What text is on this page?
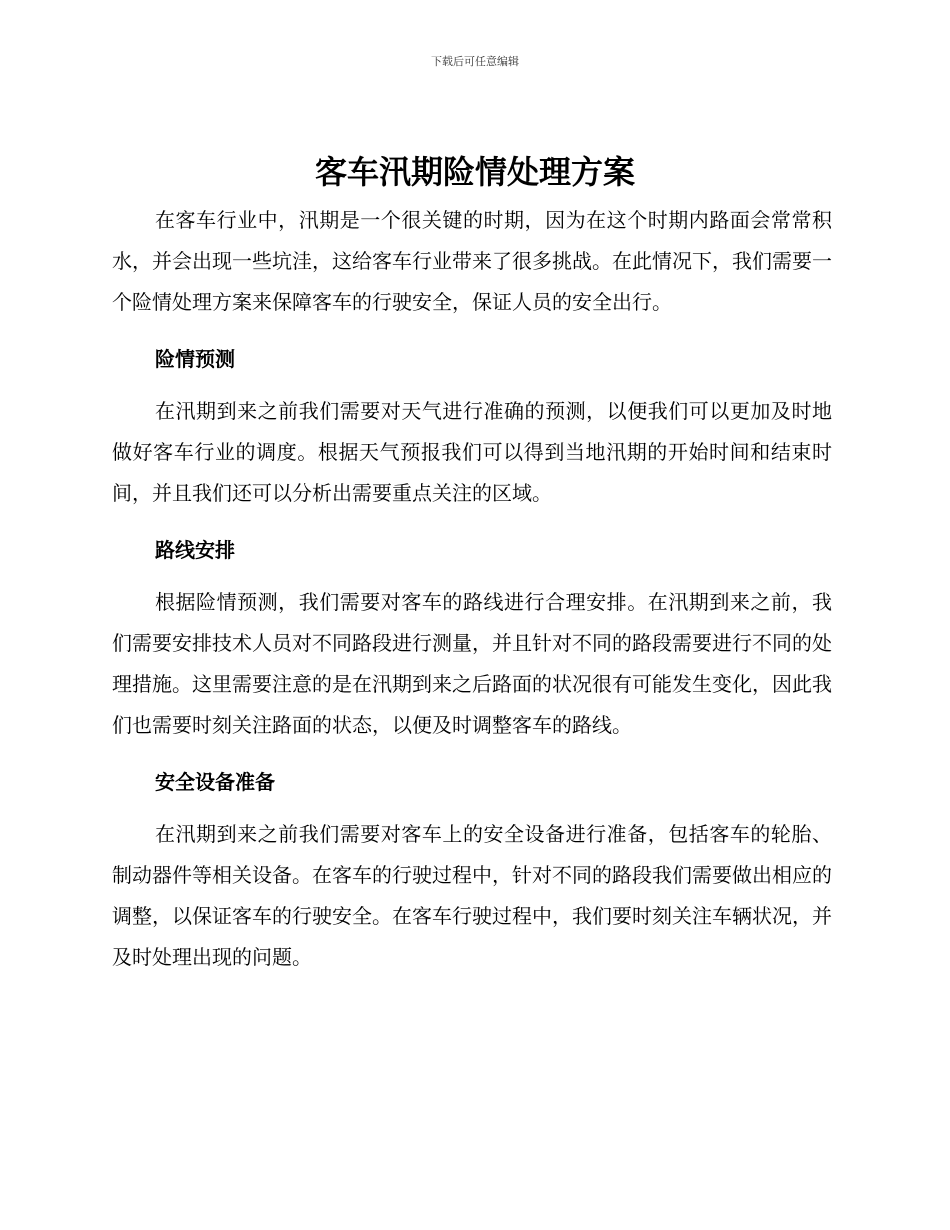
下载后可任意编辑
客车汛期险情处理方案

在客车行业中，汛期是一个很关键的时期，因为在这个时期内路面会常常积水，并会出现一些坑洼，这给客车行业带来了很多挑战。在此情况下，我们需要一个险情处理方案来保障客车的行驶安全，保证人员的安全出行。

险情预测

在汛期到来之前我们需要对天气进行准确的预测，以便我们可以更加及时地做好客车行业的调度。根据天气预报我们可以得到当地汛期的开始时间和结束时间，并且我们还可以分析出需要重点关注的区域。

路线安排

根据险情预测，我们需要对客车的路线进行合理安排。在汛期到来之前，我们需要安排技术人员对不同路段进行测量，并且针对不同的路段需要进行不同的处理措施。这里需要注意的是在汛期到来之后路面的状况很有可能发生变化，因此我们也需要时刻关注路面的状态，以便及时调整客车的路线。

安全设备准备

在汛期到来之前我们需要对客车上的安全设备进行准备，包括客车的轮胎、制动器件等相关设备。在客车的行驶过程中，针对不同的路段我们需要做出相应的调整，以保证客车的行驶安全。在客车行驶过程中，我们要时刻关注车辆状况，并及时处理出现的问题。
